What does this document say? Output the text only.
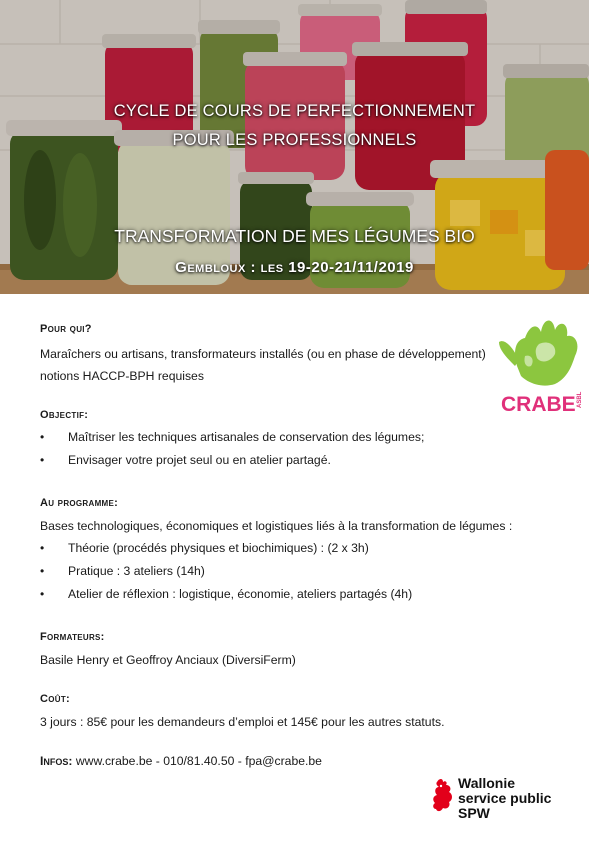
CYCLE DE COURS DE PERFECTIONNEMENT
POUR LES PROFESSIONNELS
TRANSFORMATION DE MES LÉGUMES BIO
Gembloux : les 19-20-21/11/2019
CRABE ASBL

Pour qui?

Maraîchers ou artisans, transformateurs installés (ou en phase de développement)

notions HACCP-BPH requises

Objectif:

• Maîtriser les techniques artisanales de conservation des légumes;
• Envisager votre projet seul ou en atelier partagé.

Au programme:

Bases technologiques, économiques et logistiques liés à la transformation de légumes :

• Théorie (procédés physiques et biochimiques) : (2 x 3h)
• Pratique : 3 ateliers (14h)
• Atelier de réflexion : logistique, économie, ateliers partagés (4h)

Formateurs:

Basile Henry et Geoffroy Anciaux (DiversiFerm)

Coût:

3 jours : 85€ pour les demandeurs d’emploi et 145€ pour les autres statuts.

Infos: www.crabe.be - 010/81.40.50 - fpa@crabe.be

Wallonie
service public
SPW
